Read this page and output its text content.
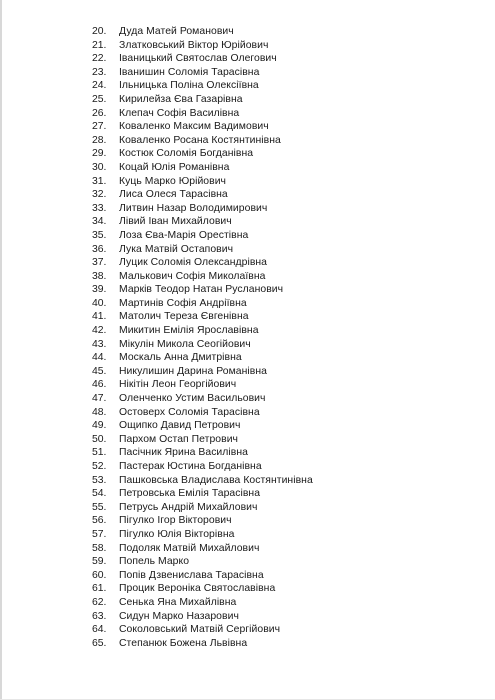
20.	Дуда Матей Романович
21.	Златковський Віктор Юрійович
22.	Іваницький Святослав Олегович
23.	Іванишин Соломія Тарасівна
24.	Ільницька Поліна Олексіївна
25.	Кирилейза Єва Газарівна
26.	Клепач Софія Василівна
27.	Коваленко Максим Вадимович
28.	Коваленко Росана Костянтинівна
29.	Костюк Соломія Богданівна
30.	Коцай Юлія Романівна
31.	Куць Марко Юрійович
32.	Лиса Олеся Тарасівна
33.	Литвин Назар Володимирович
34.	Лівий Іван Михайлович
35.	Лоза Єва-Марія Орестівна
36.	Лука Матвій Остапович
37.	Луцик Соломія Олександрівна
38.	Малькович Софія Миколаївна
39.	Марків Теодор Натан Русланович
40.	Мартинів Софія Андріївна
41.	Матолич Тереза Євгенівна
42.	Микитин Емілія Ярославівна
43.	Мікулін Микола Сеогійович
44.	Москаль Анна Дмитрівна
45.	Никулишин Дарина Романівна
46.	Нікітін Леон Георгійович
47.	Оленченко Устим Васильович
48.	Остоверх Соломія Тарасівна
49.	Ощипко Давид Петрович
50.	Пархом Остап Петрович
51.	Пасічник Ярина Василівна
52.	Пастерак Юстина Богданівна
53.	Пашковська Владислава Костянтинівна
54.	Петровська Емілія Тарасівна
55.	Петрусь Андрій Михайлович
56.	Пігулко Ігор Вікторович
57.	Пігулко Юлія Вікторівна
58.	Подоляк Матвій Михайлович
59.	Попель Марко
60.	Попів Дзвенислава Тарасівна
61.	Процик Вероніка Святославівна
62.	Сенька Яна Михайлівна
63.	Сидун Марко Назарович
64.	Соколовський Матвій Сергійович
65.	Степанюк Божена Львівна
